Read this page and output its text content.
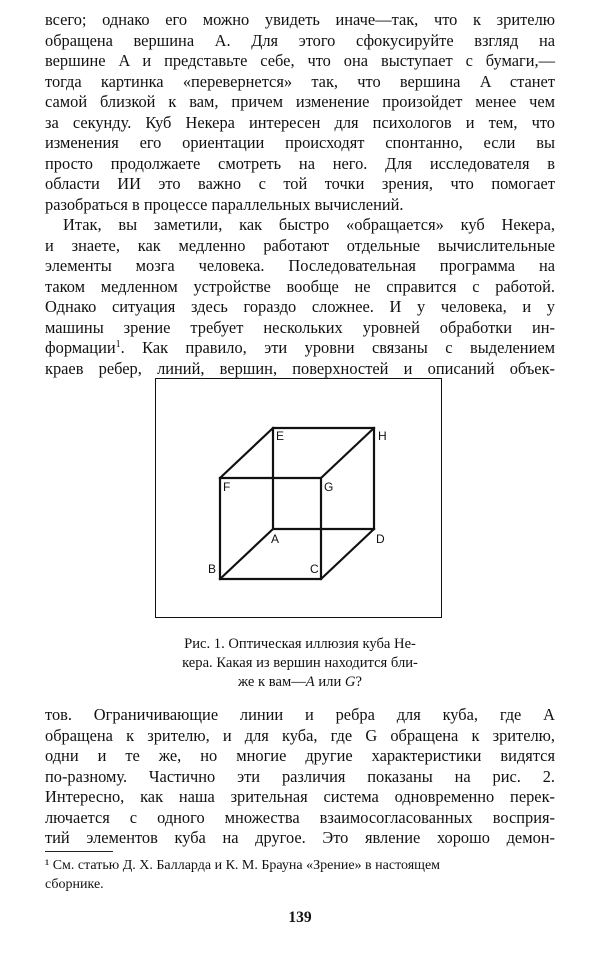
всего; однако его можно увидеть иначе—так, что к зрителю
обращена вершина A. Для этого сфокусируйте взгляд на
вершине A и представьте себе, что она выступает с бумаги,—
тогда картинка «перевернется» так, что вершина A станет
самой близкой к вам, причем изменение произойдет менее чем
за секунду. Куб Некера интересен для психологов и тем, что
изменения его ориентации происходят спонтанно, если вы
просто продолжаете смотреть на него. Для исследователя в
области ИИ это важно с той точки зрения, что помогает
разобраться в процессе параллельных вычислений.
Итак, вы заметили, как быстро «обращается» куб Некера,
и знаете, как медленно работают отдельные вычислительные
элементы мозга человека. Последовательная программа на
таком медленном устройстве вообще не справится с работой.
Однако ситуация здесь гораздо сложнее. И у человека, и у
машины зрение требует нескольких уровней обработки ин-
формации$^1$. Как правило, эти уровни связаны с выделением
краев ребер, линий, вершин, поверхностей и описаний объек-
E	H
F	G
A	D
B	C
Рис. 1. Оптическая иллюзия куба Не-
кера. Какая из вершин находится бли-
же к вам—A или G?
тов. Ограничивающие линии и ребра для куба, где A
обращена к зрителю, и для куба, где G обращена к зрителю,
одни и те же, но многие другие характеристики видятся
по-разному. Частично эти различия показаны на рис. 2.
Интересно, как наша зрительная система одновременно перек-
лючается с одного множества взаимосогласованных восприя-
тий элементов куба на другое. Это явление хорошо демон-
¹ См. статью Д. Х. Балларда и К. М. Брауна «Зрение» в настоящем
сборнике.
139
